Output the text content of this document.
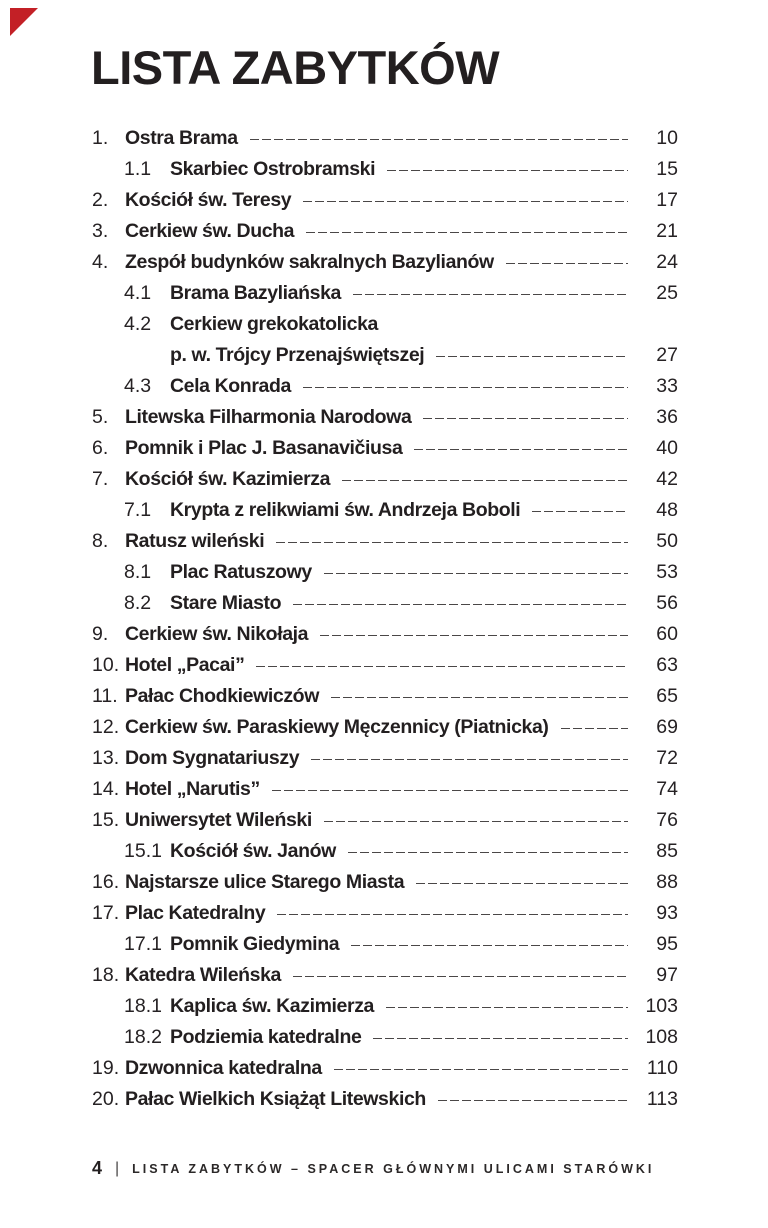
LISTA ZABYTKÓW
1. Ostra Brama	10
1.1 Skarbiec Ostrobramski	15
2. Kościół św. Teresy	17
3. Cerkiew św. Ducha	21
4. Zespół budynków sakralnych Bazylianów	24
4.1 Brama Bazyliańska	25
4.2 Cerkiew grekokatolicka
p. w. Trójcy Przenajświętszej	27
4.3 Cela Konrada	33
5. Litewska Filharmonia Narodowa	36
6. Pomnik i Plac J. Basanavičiusa	40
7. Kościół św. Kazimierza	42
7.1 Krypta z relikwiami św. Andrzeja Boboli	48
8. Ratusz wileński	50
8.1 Plac Ratuszowy	53
8.2 Stare Miasto	56
9. Cerkiew św. Nikołaja	60
10. Hotel „Pacai”	63
11. Pałac Chodkiewiczów	65
12. Cerkiew św. Paraskiewy Męczennicy (Piatnicka)	69
13. Dom Sygnatariuszy	72
14. Hotel „Narutis”	74
15. Uniwersytet Wileński	76
15.1 Kościół św. Janów	85
16. Najstarsze ulice Starego Miasta	88
17. Plac Katedralny	93
17.1 Pomnik Giedymina	95
18. Katedra Wileńska	97
18.1 Kaplica św. Kazimierza	103
18.2 Podziemia katedralne	108
19. Dzwonnica katedralna	110
20. Pałac Wielkich Książąt Litewskich	113
4 | LISTA ZABYTKÓW – SPACER GŁÓWNYMI ULICAMI STARÓWKI
